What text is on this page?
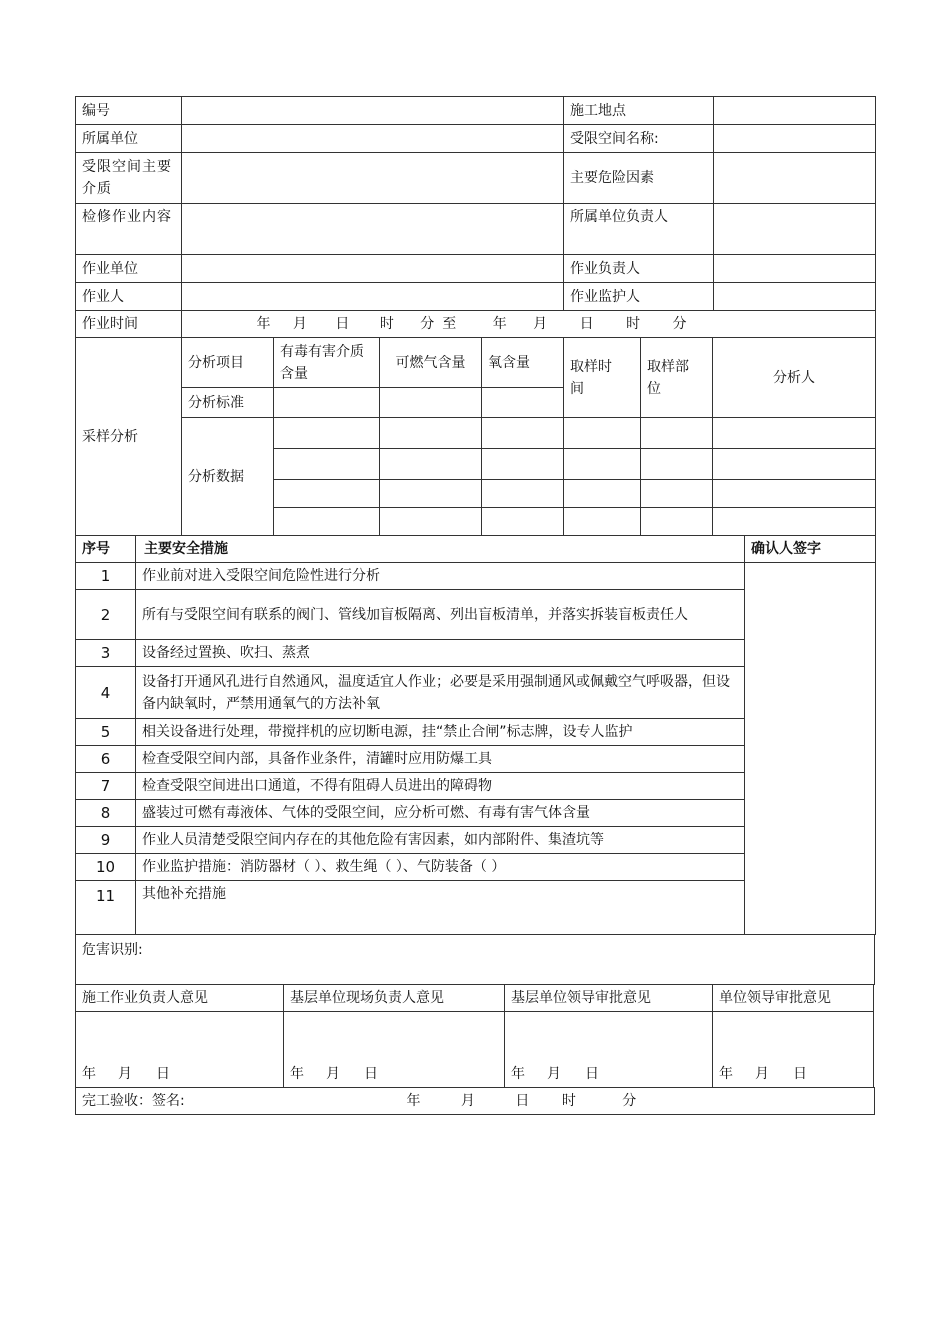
编号		施工地点	
所属单位		受限空间名称:	
受限空间主要介质		主要危险因素	
检修作业内容		所属单位负责人	
作业单位		作业负责人	
作业人		作业监护人	
作业时间	年 月 日 时 分至 年 月 日 时 分		
采样分析	分析项目	有毒有害介质含量	可燃气含量	氧含量	取样时间	取样部位	分析人
	分析标准						
	分析数据						

序号	主要安全措施	确认人签字
1	作业前对进入受限空间危险性进行分析	
2	所有与受限空间有联系的阀门、管线加盲板隔离、列出盲板清单，并落实拆装盲板责任人	
3	设备经过置换、吹扫、蒸煮	
4	设备打开通风孔进行自然通风，温度适宜人作业；必要是采用强制通风或佩戴空气呼吸器，但设备内缺氧时，严禁用通氧气的方法补氧	
5	相关设备进行处理，带搅拌机的应切断电源，挂“禁止合闸”标志牌，设专人监护	
6	检查受限空间内部，具备作业条件，清罐时应用防爆工具	
7	检查受限空间进出口通道，不得有阻碍人员进出的障碍物	
8	盛装过可燃有毒液体、气体的受限空间，应分析可燃、有毒有害气体含量	
9	作业人员清楚受限空间内存在的其他危险有害因素，如内部附件、集渣坑等	
10	作业监护措施：消防器材（ ）、救生绳（ ）、气防装备（ ）	
11	其他补充措施	
危害识别:
施工作业负责人意见	基层单位现场负责人意见	基层单位领导审批意见	单位领导审批意见
年 月 日	年 月 日	年 月 日	年 月 日
完工验收：签名:	年	月	日 时	分
